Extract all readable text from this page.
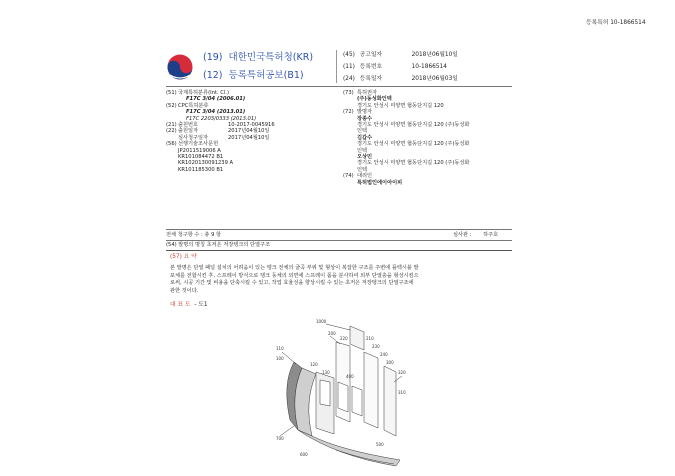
등록특허 10-1866514
(19) 대한민국특허청(KR)
(12) 등록특허공보(B1)
(45) 공고일자	2018년06월10일
(11) 등록번호	10-1866514
(24) 등록일자	2018년06월03일
(51)국제특허분류(Int. Cl.)
F17C 3/04 (2006.01)
(52)CPC특허분류
F17C 3/04 (2013.01)
F17C 2203/0333 (2013.01)
(21)출원번호	10-2017-0045916
(22)출원일자	2017년04월10일
심사청구일자	2017년04월10일
(56)선행기술조사문헌
JP2011519006 A
KR101084472 B1
KR1020130091239 A
KR101185300 B1
(73) 특허권자
(주)동성화인텍
경기도 안성시 미양면 협동단지길 120
(72) 발명자
장종수
경기도 안성시 미양면 협동단지길 120 (주)동성화
인텍
김갑수
경기도 안성시 미양면 협동단지길 120 (주)동성화
인텍
오상민
경기도 안성시 미양면 협동단지길 120 (주)동성화
인텍
(74) 대리인
특허법인에이아이피
전체 청구항 수 : 총 9 항	심사관 : 하주호
(54) 발명의 명칭 초저온 저장탱크의 단열구조
(57) 요 약
본 발명은 단열 패널 설치의 어려움이 있는 탱크 전체의 굴곡 부위 및 형상이 복잡한 구조를 주변에 플렉시블 발
포체를 전합시킨 후, 스프레이 방식으로 탱크 동체의 외면에 스프레이 폼을 분사하여 외부 단열층을 형성시킴으
로써, 시공 기간 및 비용을 단축시킬 수 있고, 작업 효율성을 향상시킬 수 있는 초저온 저장탱크의 단열구조에
관한 것이다.
대 표 도 - 도1
1000
200
220	210
230
240
110
100
120
130
400
300
320
310
500
700
600
